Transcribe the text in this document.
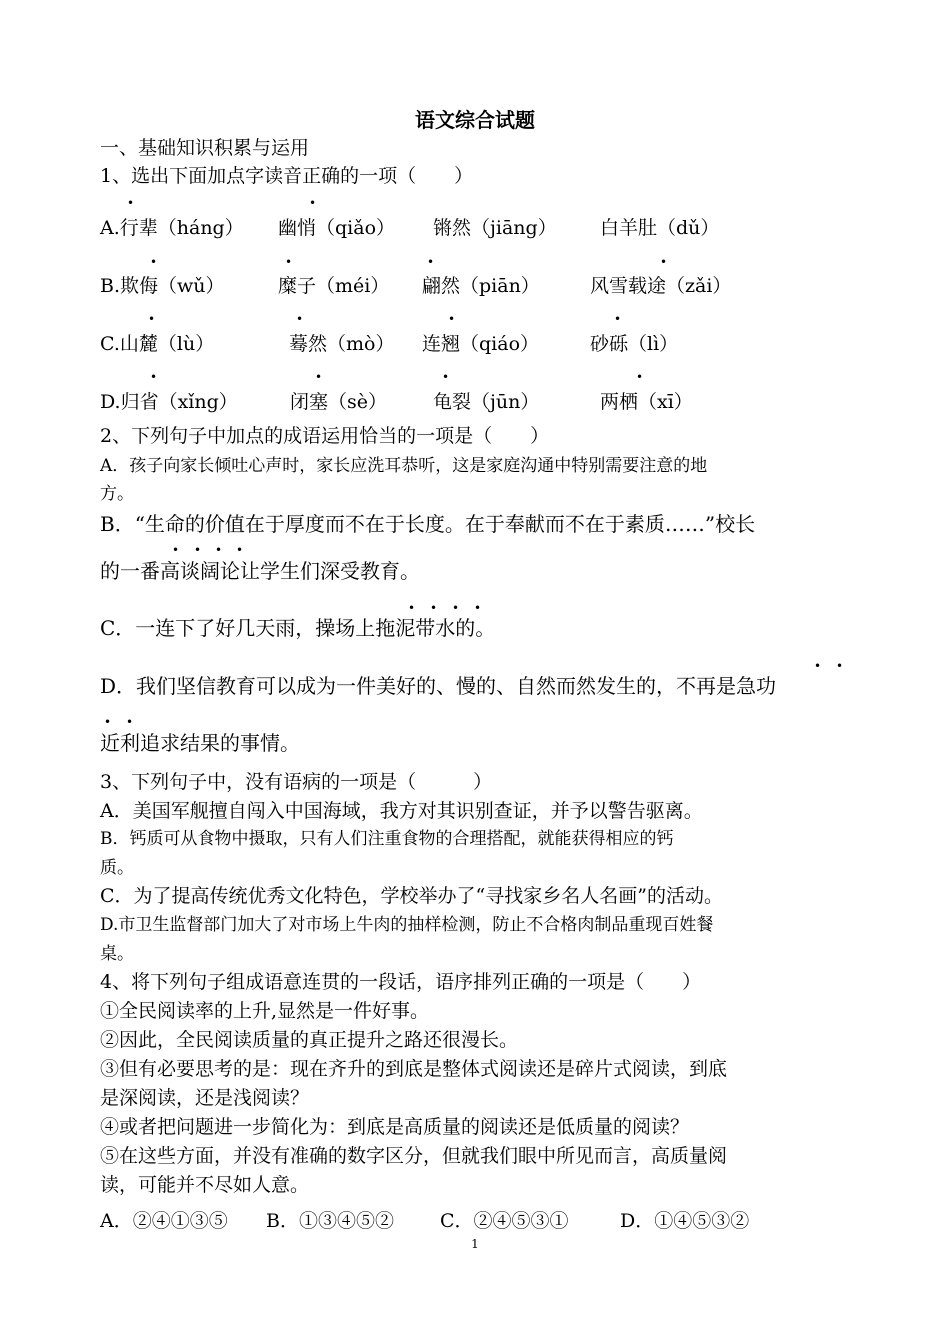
语文综合试题
一、基础知识积累与运用
1、选出下面加点字读音正确的一项（　　）
A.行辈（háng） 幽悄（qiǎo） 锵然（jiāng） 白羊肚（dǔ）
•	•
B.欺侮（wǔ）	糜子（méi） 翩然（piān）	风雪载途（zǎi）
•	•	•	•
C.山麓（lù）	蓦然（mò） 连翘（qiáo）	砂砾（lì）
•	•	•	•
D.归省（xǐng）	闭塞（sè） 龟裂（jūn）	两栖（xī）
•	•	•	•
2、下列句子中加点的成语运用恰当的一项是（　　）
A．孩子向家长倾吐心声时，家长应洗耳恭听，这是家庭沟通中特别需要注意的地
方。
B．“生命的价值在于厚度而不在于长度。在于奉献而不在于素质……”校长
• • • •
的一番高谈阔论让学生们深受教育。
• • • •
C．一连下了好几天雨，操场上拖泥带水的。
• •
D．我们坚信教育可以成为一件美好的、慢的、自然而然发生的，不再是急功
• •
近利追求结果的事情。
3、下列句子中，没有语病的一项是（　　　）
A．美国军舰擅自闯入中国海域，我方对其识别查证，并予以警告驱离。
B．钙质可从食物中摄取，只有人们注重食物的合理搭配，就能获得相应的钙
质。
C．为了提高传统优秀文化特色，学校举办了“寻找家乡名人名画”的活动。
D.市卫生监督部门加大了对市场上牛肉的抽样检测，防止不合格肉制品重现百姓餐
桌。
4、将下列句子组成语意连贯的一段话，语序排列正确的一项是（　　）
①全民阅读率的上升,显然是一件好事。
②因此，全民阅读质量的真正提升之路还很漫长。
③但有必要思考的是：现在齐升的到底是整体式阅读还是碎片式阅读，到底
是深阅读，还是浅阅读？
④或者把问题进一步简化为：到底是高质量的阅读还是低质量的阅读？
⑤在这些方面，并没有准确的数字区分，但就我们眼中所见而言，高质量阅
读，可能并不尽如人意。
A．②④①③⑤ B．①③④⑤② C．②④⑤③①	D．①④⑤③②
1
